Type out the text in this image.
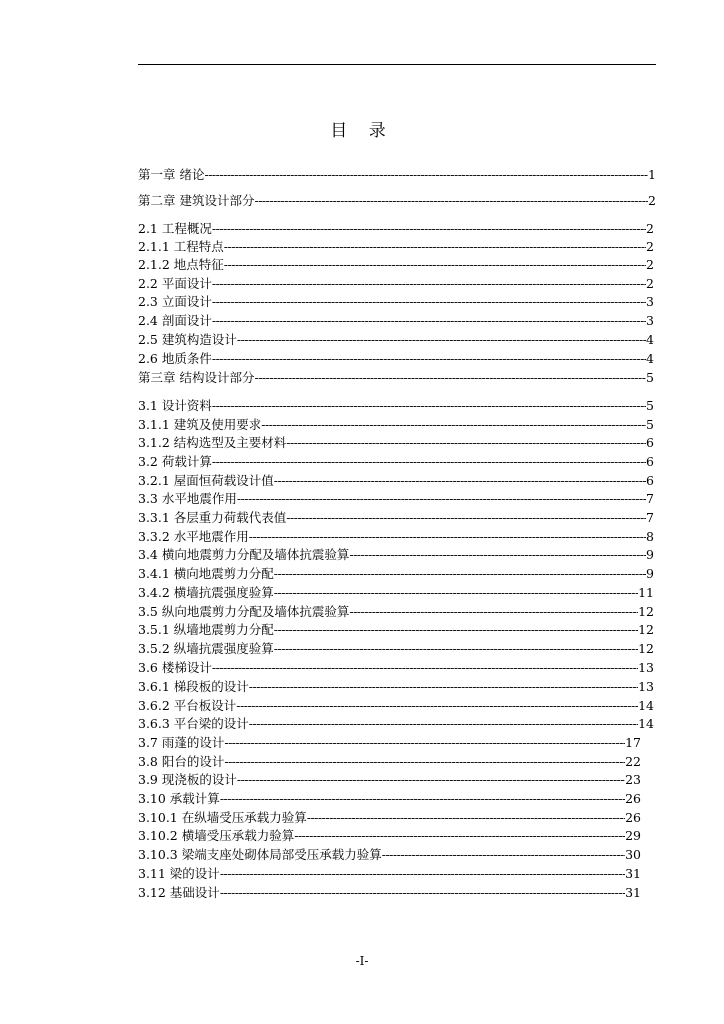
目 录
第一章 绪论 -----	1
第二章 建筑设计部分 -----	2
2.1 工程概况 -----	2
2.1.1 工程特点 -----	2
2.1.2 地点特征 -----	2
2.2 平面设计 -----	2
2.3 立面设计 -----	3
2.4 剖面设计 -----	3
2.5 建筑构造设计 -----	4
2.6 地质条件 -----	4
第三章 结构设计部分 -----	5
3.1 设计资料 -----	5
3.1.1 建筑及使用要求 -----	5
3.1.2 结构选型及主要材料 -----	6
3.2 荷载计算 -----	6
3.2.1 屋面恒荷载设计值 -----	6
3.3 水平地震作用 -----	7
3.3.1 各层重力荷载代表值 -----	7
3.3.2 水平地震作用 -----	8
3.4 横向地震剪力分配及墙体抗震验算 -----	9
3.4.1 横向地震剪力分配 -----	9
3.4.2 横墙抗震强度验算 -----	11
3.5 纵向地震剪力分配及墙体抗震验算 -----	12
3.5.1 纵墙地震剪力分配 -----	12
3.5.2 纵墙抗震强度验算 -----	12
3.6 楼梯设计 -----	13
3.6.1 梯段板的设计 -----	13
3.6.2 平台板设计 -----	14
3.6.3 平台梁的设计 -----	14
3.7 雨蓬的设计 -----	17
3.8 阳台的设计 -----	22
3.9 现浇板的设计 -----	23
3.10 承载计算 -----	26
3.10.1 在纵墙受压承载力验算 -----	26
3.10.2 横墙受压承载力验算 -----	29
3.10.3 梁端支座处砌体局部受压承载力验算 -----	30
3.11 梁的设计 -----	31
3.12 基础设计 -----	31
-I-
